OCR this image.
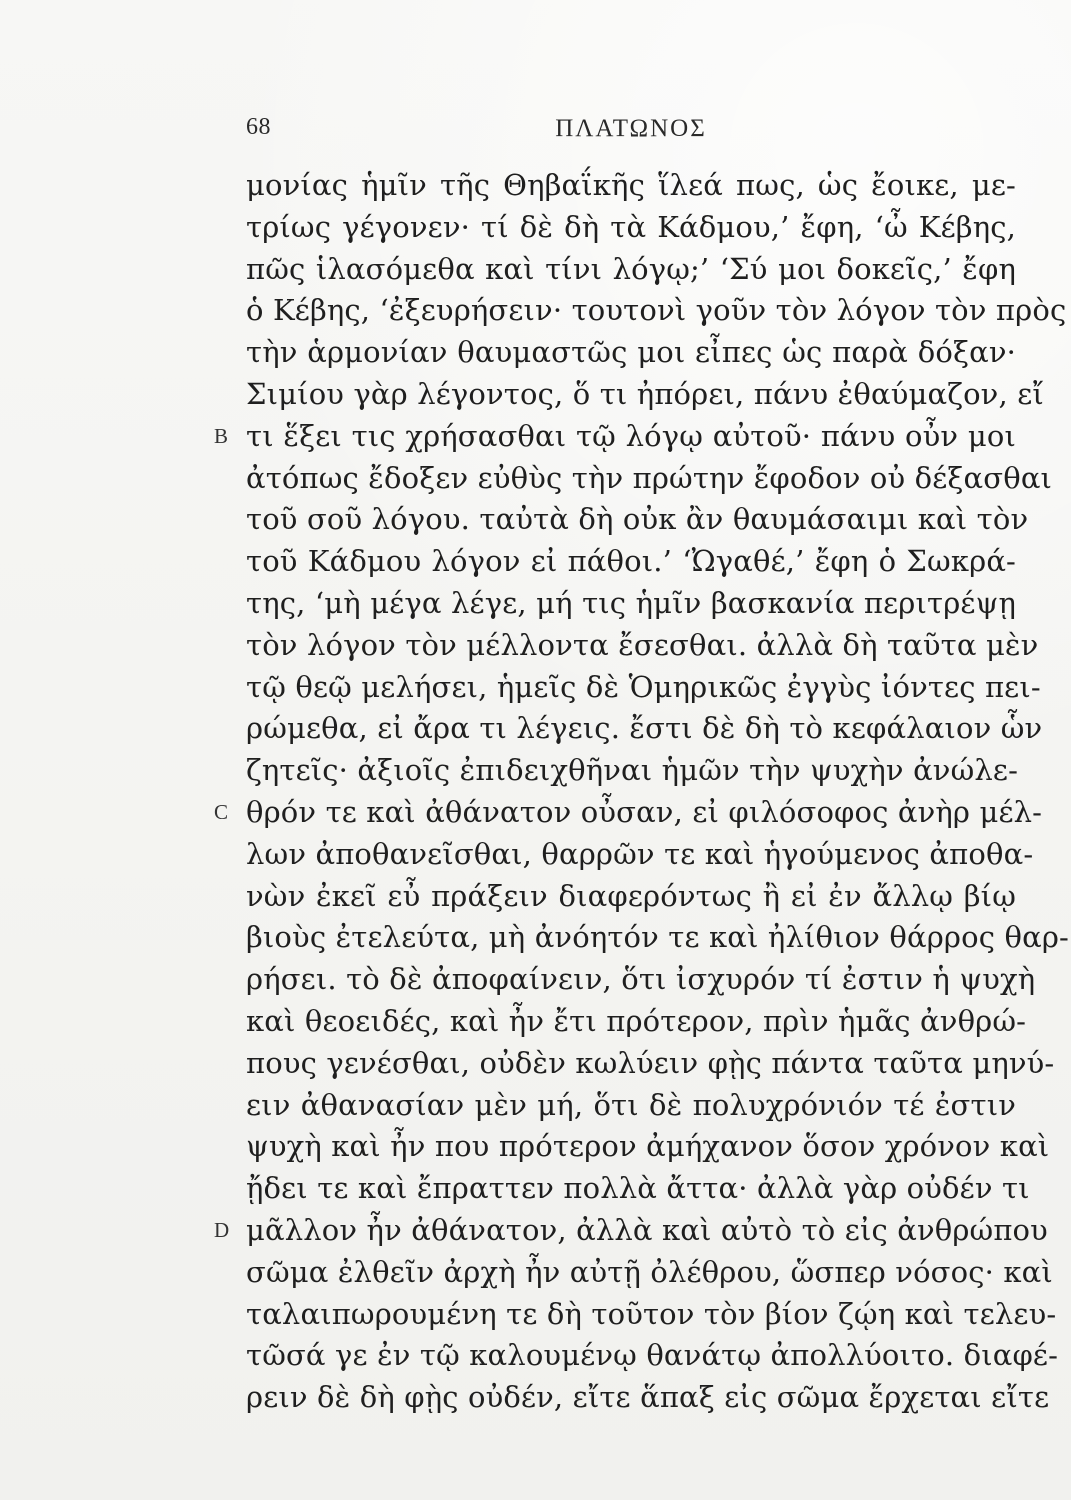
68	ΠΛΑΤΩΝΟΣ
μονίας ἡμῖν τῆς Θηβαΐκῆς ἵλεά πως, ὡς ἔοικε, με-
τρίως γέγονεν· τί δὲ δὴ τὰ Κάδμου,’ ἔφη, ‘ὦ Κέβης,
πῶς ἱλασόμεθα καὶ τίνι λόγῳ;’ ‘Σύ μοι δοκεῖς,’ ἔφη
ὁ Κέβης, ‘ἐξευρήσειν· τουτονὶ γοῦν τὸν λόγον τὸν πρὸς
τὴν ἁρμονίαν θαυμαστῶς μοι εἶπες ὡς παρὰ δόξαν·
Σιμίου γὰρ λέγοντος, ὅ τι ἠπόρει, πάνυ ἐθαύμαζον, εἴ
B τι ἕξει τις χρήσασθαι τῷ λόγῳ αὐτοῦ· πάνυ οὖν μοι
ἀτόπως ἔδοξεν εὐθὺς τὴν πρώτην ἔφοδον οὐ δέξασθαι
τοῦ σοῦ λόγου. ταὐτὰ δὴ οὐκ ἂν θαυμάσαιμι καὶ τὸν
τοῦ Κάδμου λόγον εἰ πάθοι.’ ‘Ὠγαθέ,’ ἔφη ὁ Σωκρά-
της, ‘μὴ μέγα λέγε, μή τις ἡμῖν βασκανία περιτρέψῃ
τὸν λόγον τὸν μέλλοντα ἔσεσθαι. ἀλλὰ δὴ ταῦτα μὲν
τῷ θεῷ μελήσει, ἡμεῖς δὲ Ὁμηρικῶς ἐγγὺς ἰόντες πει-
ρώμεθα, εἰ ἄρα τι λέγεις. ἔστι δὲ δὴ τὸ κεφάλαιον ὧν
ζητεῖς· ἀξιοῖς ἐπιδειχθῆναι ἡμῶν τὴν ψυχὴν ἀνώλε-
C θρόν τε καὶ ἀθάνατον οὖσαν, εἰ φιλόσοφος ἀνὴρ μέλ-
λων ἀποθανεῖσθαι, θαρρῶν τε καὶ ἡγούμενος ἀποθα-
νὼν ἐκεῖ εὖ πράξειν διαφερόντως ἢ εἰ ἐν ἄλλῳ βίῳ
βιοὺς ἐτελεύτα, μὴ ἀνόητόν τε καὶ ἠλίθιον θάρρος θαρ-
ρήσει. τὸ δὲ ἀποφαίνειν, ὅτι ἰσχυρόν τί ἐστιν ἡ ψυχὴ
καὶ θεοειδές, καὶ ἦν ἔτι πρότερον, πρὶν ἡμᾶς ἀνθρώ-
πους γενέσθαι, οὐδὲν κωλύειν φῂς πάντα ταῦτα μηνύ-
ειν ἀθανασίαν μὲν μή, ὅτι δὲ πολυχρόνιόν τέ ἐστιν
ψυχὴ καὶ ἦν που πρότερον ἀμήχανον ὅσον χρόνον καὶ
ᾔδει τε καὶ ἔπραττεν πολλὰ ἄττα· ἀλλὰ γὰρ οὐδέν τι
D μᾶλλον ἦν ἀθάνατον, ἀλλὰ καὶ αὐτὸ τὸ εἰς ἀνθρώπου
σῶμα ἐλθεῖν ἀρχὴ ἦν αὐτῇ ὀλέθρου, ὥσπερ νόσος· καὶ
ταλαιπωρουμένη τε δὴ τοῦτον τὸν βίον ζῴη καὶ τελευ-
τῶσά γε ἐν τῷ καλουμένῳ θανάτῳ ἀπολλύοιτο. διαφέ-
ρειν δὲ δὴ φῂς οὐδέν, εἴτε ἅπαξ εἰς σῶμα ἔρχεται εἴτε
